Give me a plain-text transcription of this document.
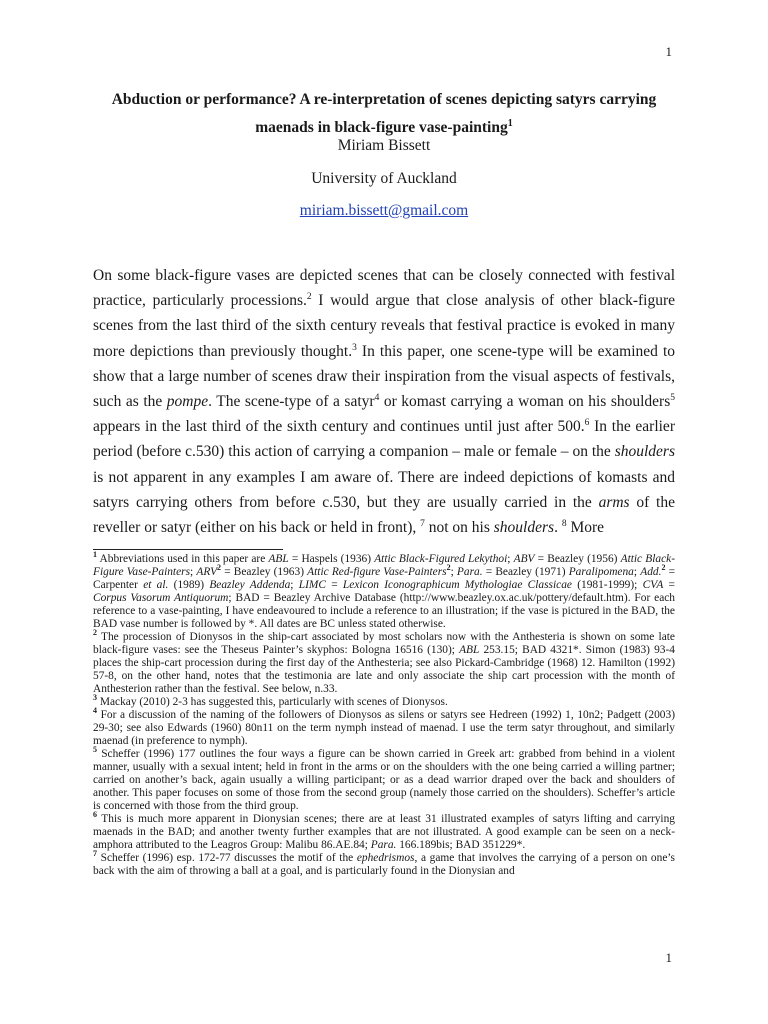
1
Abduction or performance? A re-interpretation of scenes depicting satyrs carrying maenads in black-figure vase-painting$^1$
Miriam Bissett
University of Auckland
miriam.bissett@gmail.com
On some black-figure vases are depicted scenes that can be closely connected with festival practice, particularly processions.$^2$ I would argue that close analysis of other black-figure scenes from the last third of the sixth century reveals that festival practice is evoked in many more depictions than previously thought.$^3$ In this paper, one scene-type will be examined to show that a large number of scenes draw their inspiration from the visual aspects of festivals, such as the pompe. The scene-type of a satyr$^4$ or komast carrying a woman on his shoulders$^5$ appears in the last third of the sixth century and continues until just after 500.$^6$ In the earlier period (before c.530) this action of carrying a companion – male or female – on the shoulders is not apparent in any examples I am aware of. There are indeed depictions of komasts and satyrs carrying others from before c.530, but they are usually carried in the arms of the reveller or satyr (either on his back or held in front), $^7$ not on his shoulders. $^8$ More

$^1$ Abbreviations used in this paper are ABL = Haspels (1936) Attic Black-Figured Lekythoi; ABV = Beazley (1956) Attic Black-Figure Vase-Painters; $ARV^2$ = Beazley (1963) Attic Red-figure Vase-Painters$^2$; Para. = Beazley (1971) Paralipomena; Add.$^2$ = Carpenter et al. (1989) Beazley Addenda; LIMC = Lexicon Iconographicum Mythologiae Classicae (1981-1999); CVA = Corpus Vasorum Antiquorum; BAD = Beazley Archive Database (http://www.beazley.ox.ac.uk/pottery/default.htm). For each reference to a vase-painting, I have endeavoured to include a reference to an illustration; if the vase is pictured in the BAD, the BAD vase number is followed by *. All dates are BC unless stated otherwise.

$^2$ The procession of Dionysos in the ship-cart associated by most scholars now with the Anthesteria is shown on some late black-figure vases: see the Theseus Painter’s skyphos: Bologna 16516 (130); ABL 253.15; BAD 4321*. Simon (1983) 93-4 places the ship-cart procession during the first day of the Anthesteria; see also Pickard-Cambridge (1968) 12. Hamilton (1992) 57-8, on the other hand, notes that the testimonia are late and only associate the ship cart procession with the month of Anthesterion rather than the festival. See below, n.33.

$^3$ Mackay (2010) 2-3 has suggested this, particularly with scenes of Dionysos.

$^4$ For a discussion of the naming of the followers of Dionysos as silens or satyrs see Hedreen (1992) 1, 10n2; Padgett (2003) 29-30; see also Edwards (1960) 80n11 on the term nymph instead of maenad. I use the term satyr throughout, and similarly maenad (in preference to nymph).

$^5$ Scheffer (1996) 177 outlines the four ways a figure can be shown carried in Greek art: grabbed from behind in a violent manner, usually with a sexual intent; held in front in the arms or on the shoulders with the one being carried a willing partner; carried on another’s back, again usually a willing participant; or as a dead warrior draped over the back and shoulders of another. This paper focuses on some of those from the second group (namely those carried on the shoulders). Scheffer’s article is concerned with those from the third group.

$^6$ This is much more apparent in Dionysian scenes; there are at least 31 illustrated examples of satyrs lifting and carrying maenads in the BAD; and another twenty further examples that are not illustrated. A good example can be seen on a neck-amphora attributed to the Leagros Group: Malibu 86.AE.84; Para. 166.189bis; BAD 351229*.

$^7$ Scheffer (1996) esp. 172-77 discusses the motif of the ephedrismos, a game that involves the carrying of a person on one’s back with the aim of throwing a ball at a goal, and is particularly found in the Dionysian and

1
